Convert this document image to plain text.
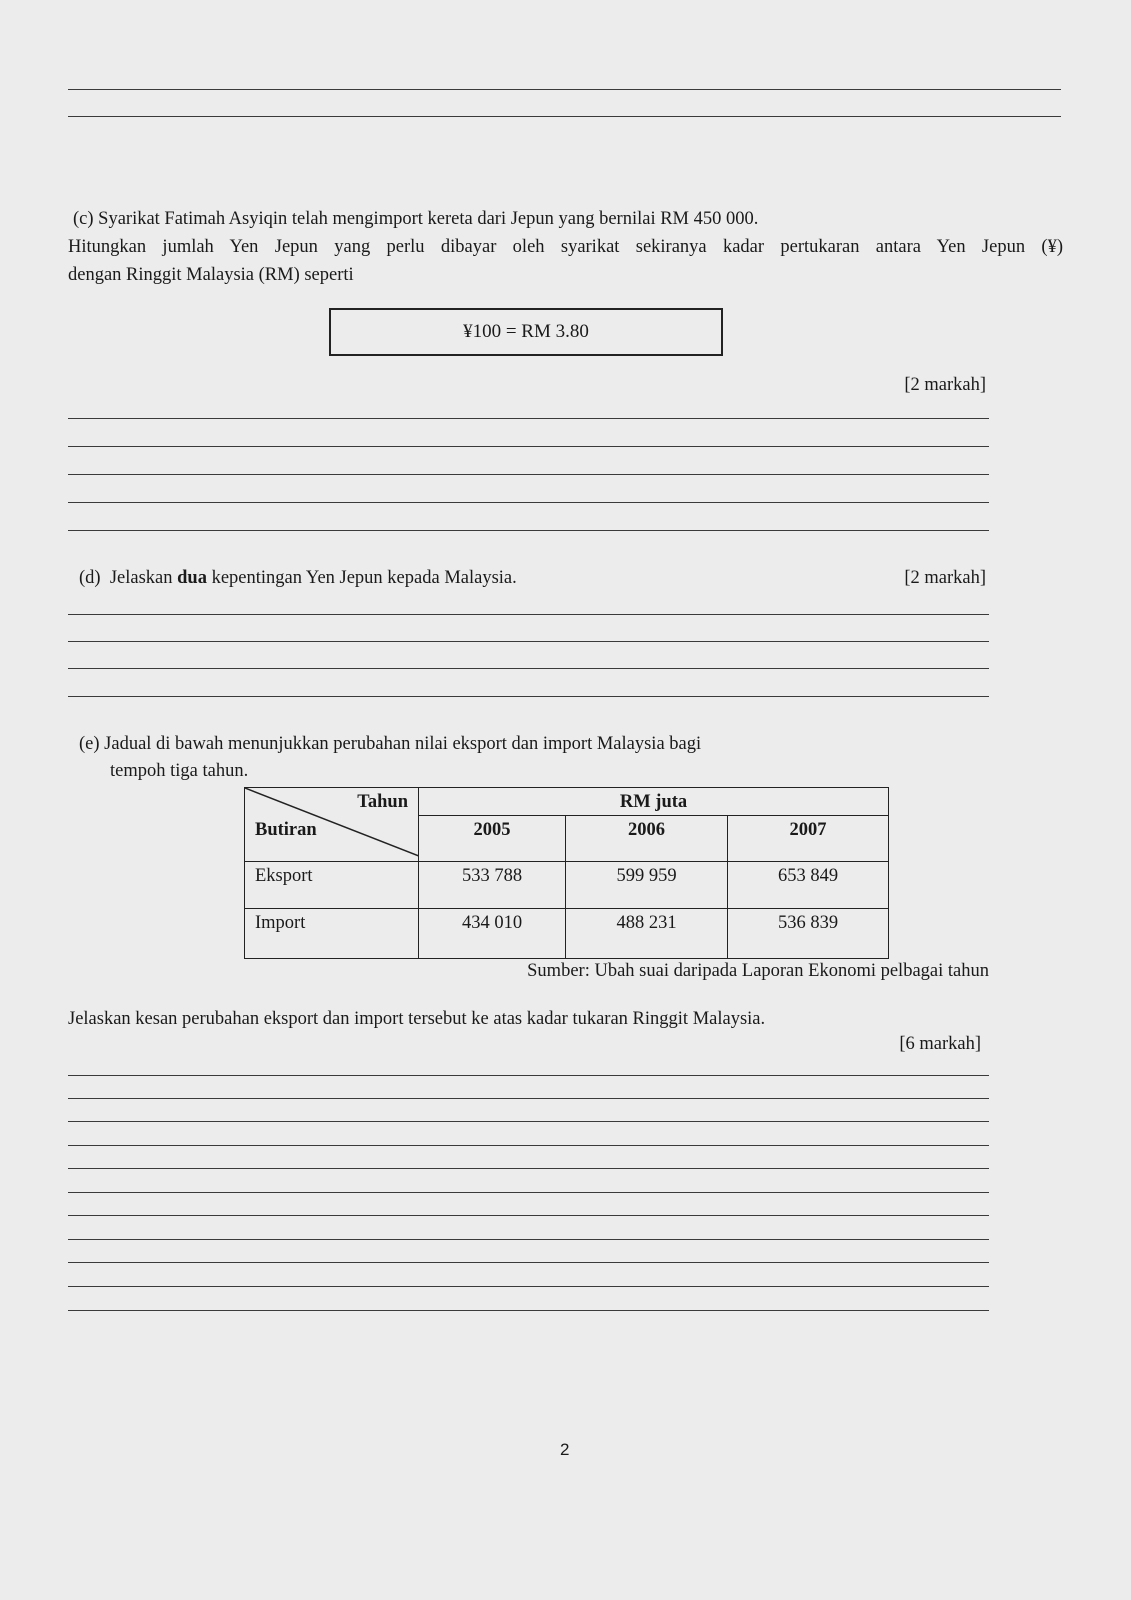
(c) Syarikat Fatimah Asyiqin telah mengimport kereta dari Jepun yang bernilai RM 450 000.
Hitungkan jumlah Yen Jepun yang perlu dibayar oleh syarikat sekiranya kadar pertukaran antara Yen Jepun (¥)
dengan Ringgit Malaysia (RM) seperti
¥100 = RM 3.80
[2 markah]
(d)  Jelaskan dua kepentingan Yen Jepun kepada Malaysia.	[2 markah]
(e) Jadual di bawah menunjukkan perubahan nilai eksport dan import Malaysia bagi
tempoh tiga tahun.
Tahun
Butiran	RM juta		
	2005	2006	2007
Eksport	533 788	599 959	653 849
Import	434 010	488 231	536 839
Sumber: Ubah suai daripada Laporan Ekonomi pelbagai tahun
Jelaskan kesan perubahan eksport dan import tersebut ke atas kadar tukaran Ringgit Malaysia.
[6 markah]
2
